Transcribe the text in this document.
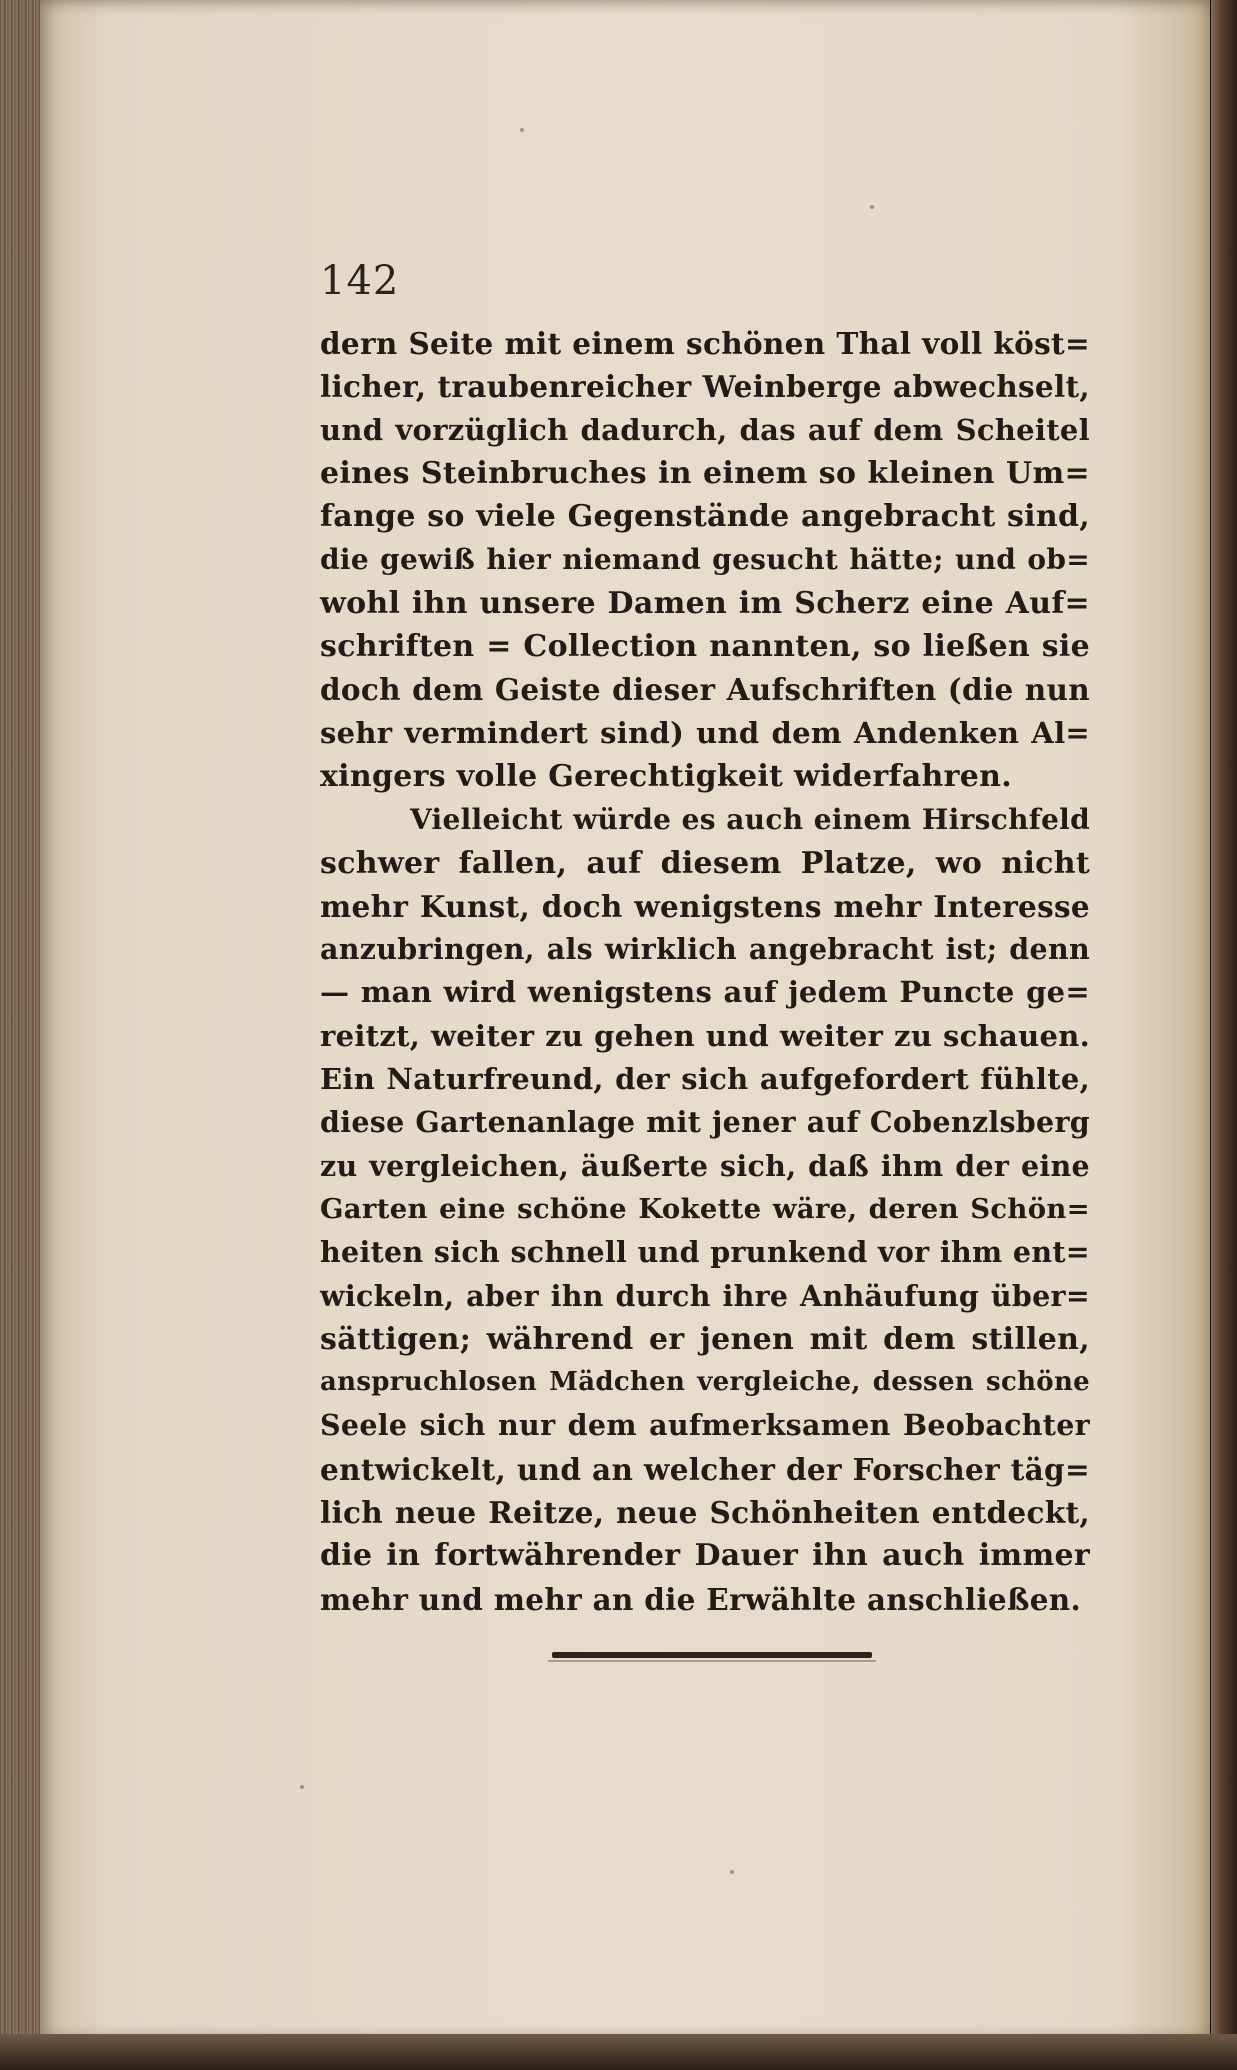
142
dern Seite mit einem schönen Thal voll köst=
licher, traubenreicher Weinberge abwechselt,
und vorzüglich dadurch, das auf dem Scheitel
eines Steinbruches in einem so kleinen Um=
fange so viele Gegenstände angebracht sind,
die gewiß hier niemand gesucht hätte; und ob=
wohl ihn unsere Damen im Scherz eine Auf=
schriften = Collection nannten, so ließen sie
doch dem Geiste dieser Aufschriften (die nun
sehr vermindert sind) und dem Andenken Al=
xingers volle Gerechtigkeit widerfahren.
Vielleicht würde es auch einem Hirschfeld
schwer fallen, auf diesem Platze, wo nicht
mehr Kunst, doch wenigstens mehr Interesse
anzubringen, als wirklich angebracht ist; denn
— man wird wenigstens auf jedem Puncte ge=
reitzt, weiter zu gehen und weiter zu schauen.
Ein Naturfreund, der sich aufgefordert fühlte,
diese Gartenanlage mit jener auf Cobenzlsberg
zu vergleichen, äußerte sich, daß ihm der eine
Garten eine schöne Kokette wäre, deren Schön=
heiten sich schnell und prunkend vor ihm ent=
wickeln, aber ihn durch ihre Anhäufung über=
sättigen; während er jenen mit dem stillen,
anspruchlosen Mädchen vergleiche, dessen schöne
Seele sich nur dem aufmerksamen Beobachter
entwickelt, und an welcher der Forscher täg=
lich neue Reitze, neue Schönheiten entdeckt,
die in fortwährender Dauer ihn auch immer
mehr und mehr an die Erwählte anschließen.
